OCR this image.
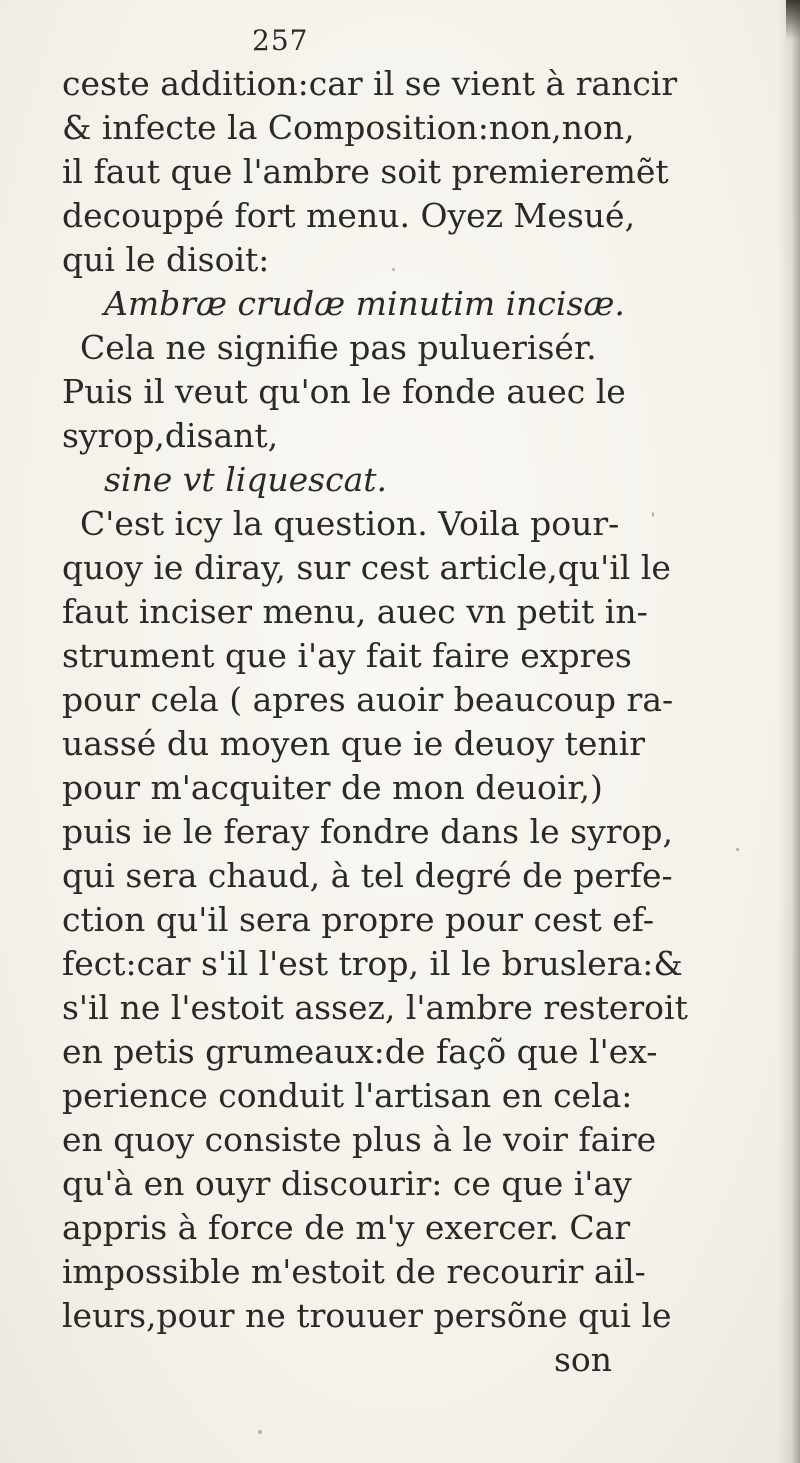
257
ceste addition:car il se vient à rancir
& infecte la Composition:non,non,
il faut que l'ambre soit premieremẽt
decouppé fort menu. Oyez Mesué,
qui le disoit:
Ambræ crudæ minutim incisæ.
Cela ne signifie pas puluerisér.
Puis il veut qu'on le fonde auec le
syrop,disant,
sine vt liquescat.
C'est icy la question. Voila pour-
quoy ie diray, sur cest article,qu'il le
faut inciser menu, auec vn petit in-
strument que i'ay fait faire expres
pour cela ( apres auoir beaucoup ra-
uassé du moyen que ie deuoy tenir
pour m'acquiter de mon deuoir,)
puis ie le feray fondre dans le syrop,
qui sera chaud, à tel degré de perfe-
ction qu'il sera propre pour cest ef-
fect:car s'il l'est trop, il le bruslera:&
s'il ne l'estoit assez, l'ambre resteroit
en petis grumeaux:de façõ que l'ex-
perience conduit l'artisan en cela:
en quoy consiste plus à le voir faire
qu'à en ouyr discourir: ce que i'ay
appris à force de m'y exercer. Car
impossible m'estoit de recourir ail-
leurs,pour ne trouuer persõne qui le
son
